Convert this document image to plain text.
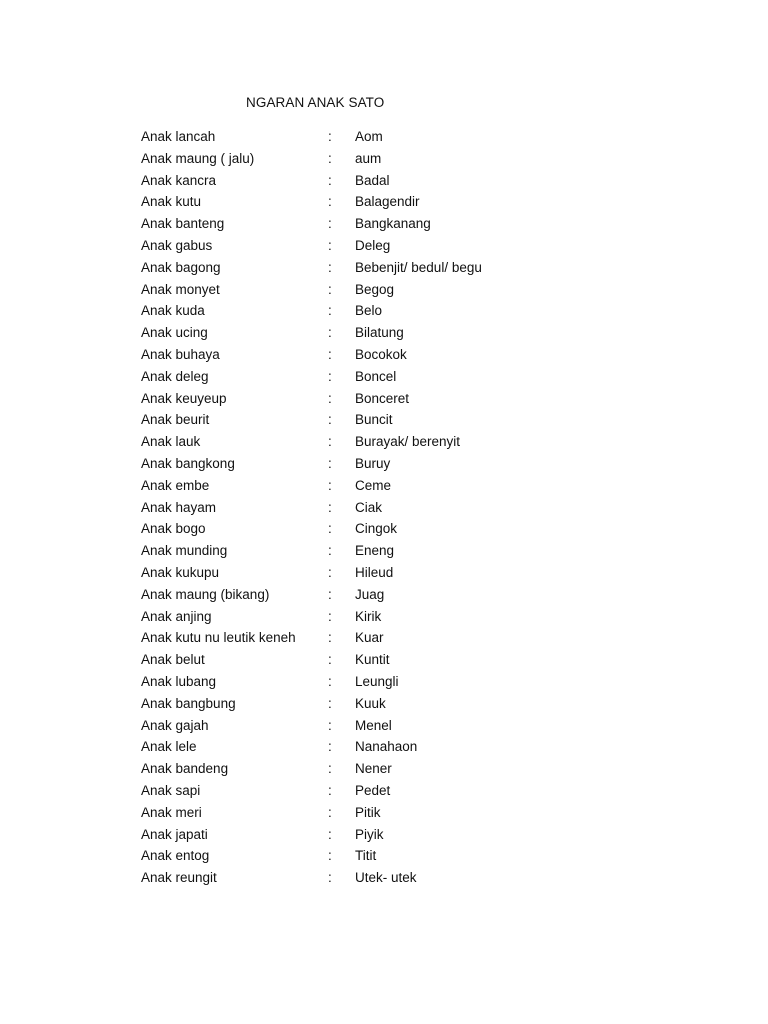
NGARAN ANAK SATO
Anak lancah	: Aom
Anak maung ( jalu)	: aum
Anak kancra	: Badal
Anak kutu	: Balagendir
Anak banteng	: Bangkanang
Anak gabus	: Deleg
Anak bagong	: Bebenjit/ bedul/ begu
Anak monyet	: Begog
Anak kuda	: Belo
Anak ucing	: Bilatung
Anak buhaya	: Bocokok
Anak deleg	: Boncel
Anak keuyeup	: Bonceret
Anak beurit	: Buncit
Anak lauk	: Burayak/ berenyit
Anak bangkong	: Buruy
Anak embe	: Ceme
Anak hayam	: Ciak
Anak bogo	: Cingok
Anak munding	: Eneng
Anak kukupu	: Hileud
Anak maung (bikang)	: Juag
Anak anjing	: Kirik
Anak kutu nu leutik keneh : Kuar
Anak belut	: Kuntit
Anak lubang	: Leungli
Anak bangbung	: Kuuk
Anak gajah	: Menel
Anak lele	: Nanahaon
Anak bandeng	: Nener
Anak sapi	: Pedet
Anak meri	: Pitik
Anak japati	: Piyik
Anak entog	: Titit
Anak reungit	: Utek- utek
